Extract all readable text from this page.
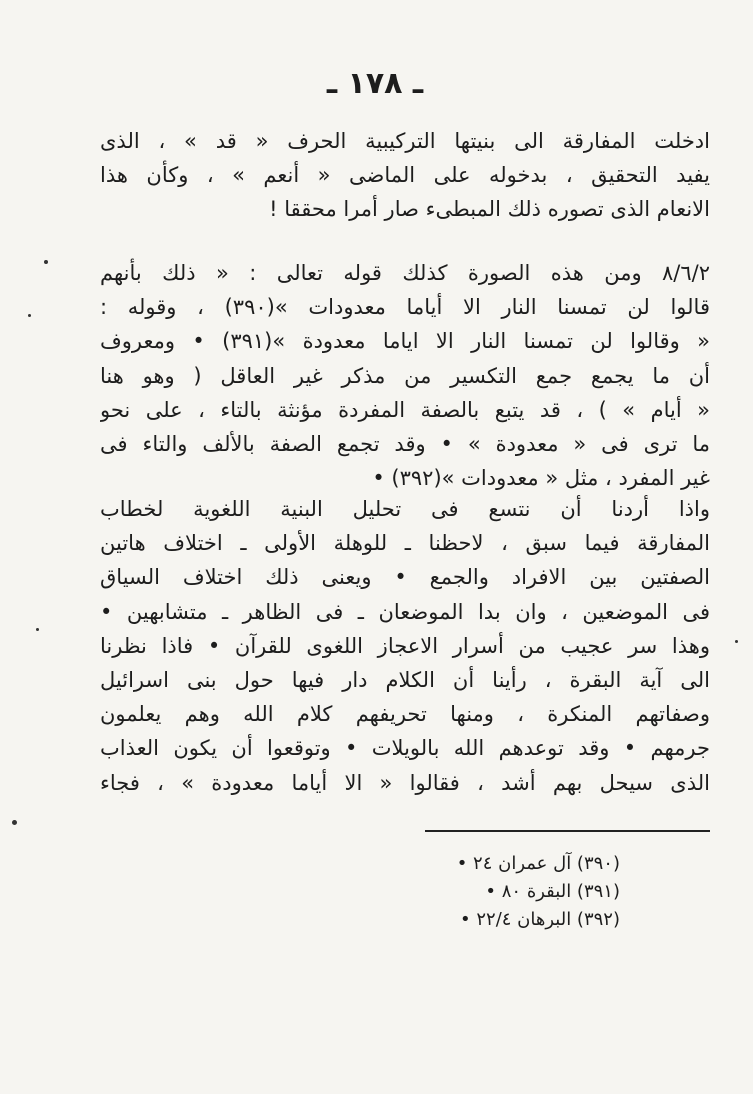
ـ ١٧٨ ـ
ادخلت المفارقة الى بنيتها التركيبية الحرف « قد » ، الذى
يفيد التحقيق ، بدخوله على الماضى « أنعم » ، وكأن هذا
الانعام الذى تصوره ذلك المبطىء صار أمرا محققا !
٨/٦/٢ ومن هذه الصورة كذلك قوله تعالى : « ذلك بأنهم
قالوا لن تمسنا النار الا أياما معدودات »(٣٩٠) ، وقوله :
« وقالوا لن تمسنا النار الا اياما معدودة »(٣٩١) • ومعروف
أن ما يجمع جمع التكسير من مذكر غير العاقل ( وهو هنا
« أيام » ) ، قد يتبع بالصفة المفردة مؤنثة بالتاء ، على نحو
ما ترى فى « معدودة » • وقد تجمع الصفة بالألف والتاء فى
غير المفرد ، مثل « معدودات »(٣٩٢) •
واذا أردنا أن نتسع فى تحليل البنية اللغوية لخطاب
المفارقة فيما سبق ، لاحظنا ـ للوهلة الأولى ـ اختلاف هاتين
الصفتين بين الافراد والجمع • ويعنى ذلك اختلاف السياق
فى الموضعين ، وان بدا الموضعان ـ فى الظاهر ـ متشابهين •
وهذا سر عجيب من أسرار الاعجاز اللغوى للقرآن • فاذا نظرنا
الى آية البقرة ، رأينا أن الكلام دار فيها حول بنى اسرائيل
وصفاتهم المنكرة ، ومنها تحريفهم كلام الله وهم يعلمون
جرمهم • وقد توعدهم الله بالويلات • وتوقعوا أن يكون العذاب
الذى سيحل بهم أشد ، فقالوا « الا أياما معدودة » ، فجاء
(٣٩٠) آل عمران ٢٤ •
(٣٩١) البقرة ٨٠ •
(٣٩٢) البرهان ٢٢/٤ •
